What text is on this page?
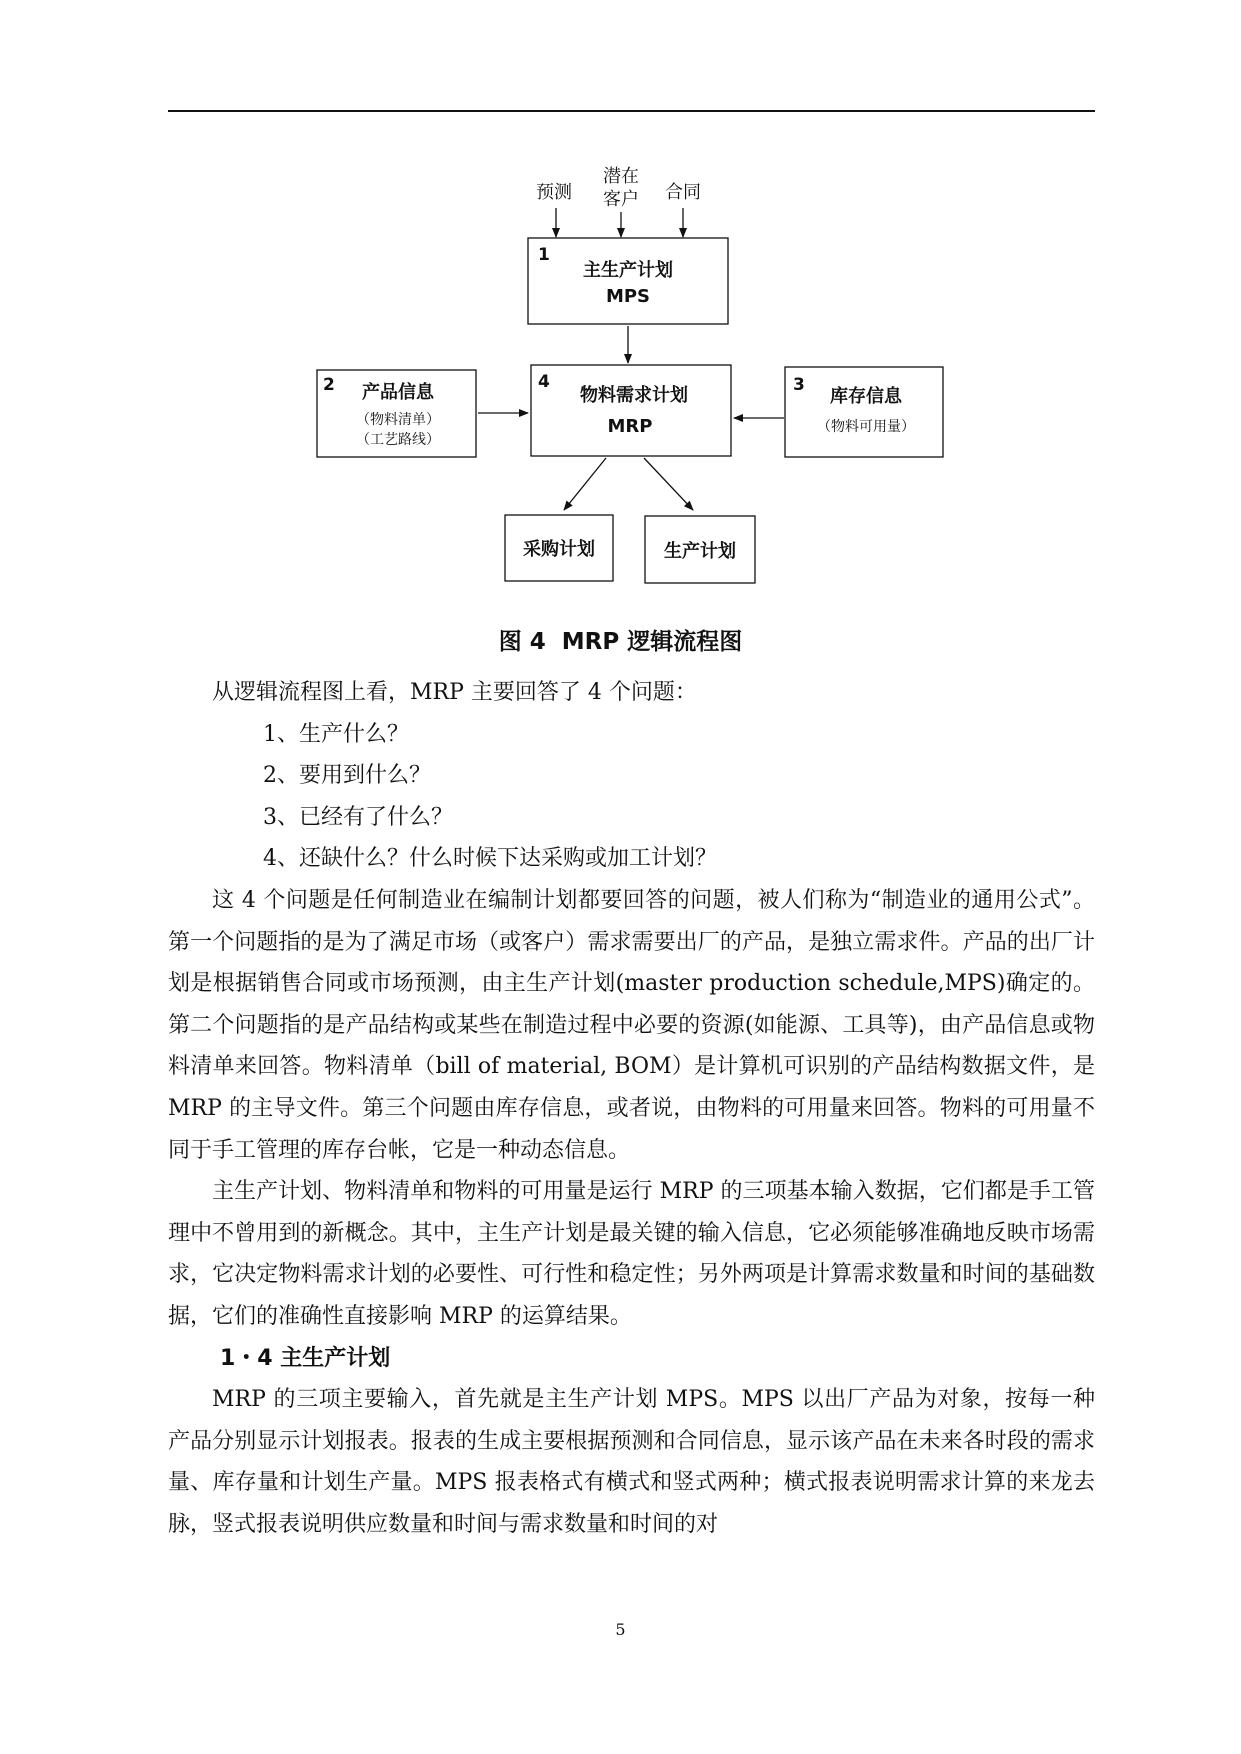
预测
潜在
客户 合同
1
主生产计划
MPS
2 产品信息
（物料清单）
（工艺路线）
4
物料需求计划
MRP
3
库存信息
（物料可用量）
采购计划	生产计划
图 4 MRP 逻辑流程图

从逻辑流程图上看，MRP 主要回答了 4 个问题：

1、生产什么？

2、要用到什么？

3、已经有了什么？

4、还缺什么？什么时候下达采购或加工计划？

这 4 个问题是任何制造业在编制计划都要回答的问题，被人们称为“制造业的通用公式”。第一个问题指的是为了满足市场（或客户）需求需要出厂的产品，是独立需求件。产品的出厂计划是根据销售合同或市场预测，由主生产计划(master production schedule,MPS)确定的。第二个问题指的是产品结构或某些在制造过程中必要的资源(如能源、工具等)，由产品信息或物料清单来回答。物料清单（bill of material, BOM）是计算机可识别的产品结构数据文件，是 MRP 的主导文件。第三个问题由库存信息，或者说，由物料的可用量来回答。物料的可用量不同于手工管理的库存台帐，它是一种动态信息。

主生产计划、物料清单和物料的可用量是运行 MRP 的三项基本输入数据，它们都是手工管理中不曾用到的新概念。其中，主生产计划是最关键的输入信息，它必须能够准确地反映市场需求，它决定物料需求计划的必要性、可行性和稳定性；另外两项是计算需求数量和时间的基础数据，它们的准确性直接影响 MRP 的运算结果。

1・4 主生产计划

MRP 的三项主要输入，首先就是主生产计划 MPS。MPS 以出厂产品为对象，按每一种产品分别显示计划报表。报表的生成主要根据预测和合同信息，显示该产品在未来各时段的需求量、库存量和计划生产量。MPS 报表格式有横式和竖式两种；横式报表说明需求计算的来龙去脉，竖式报表说明供应数量和时间与需求数量和时间的对

5
